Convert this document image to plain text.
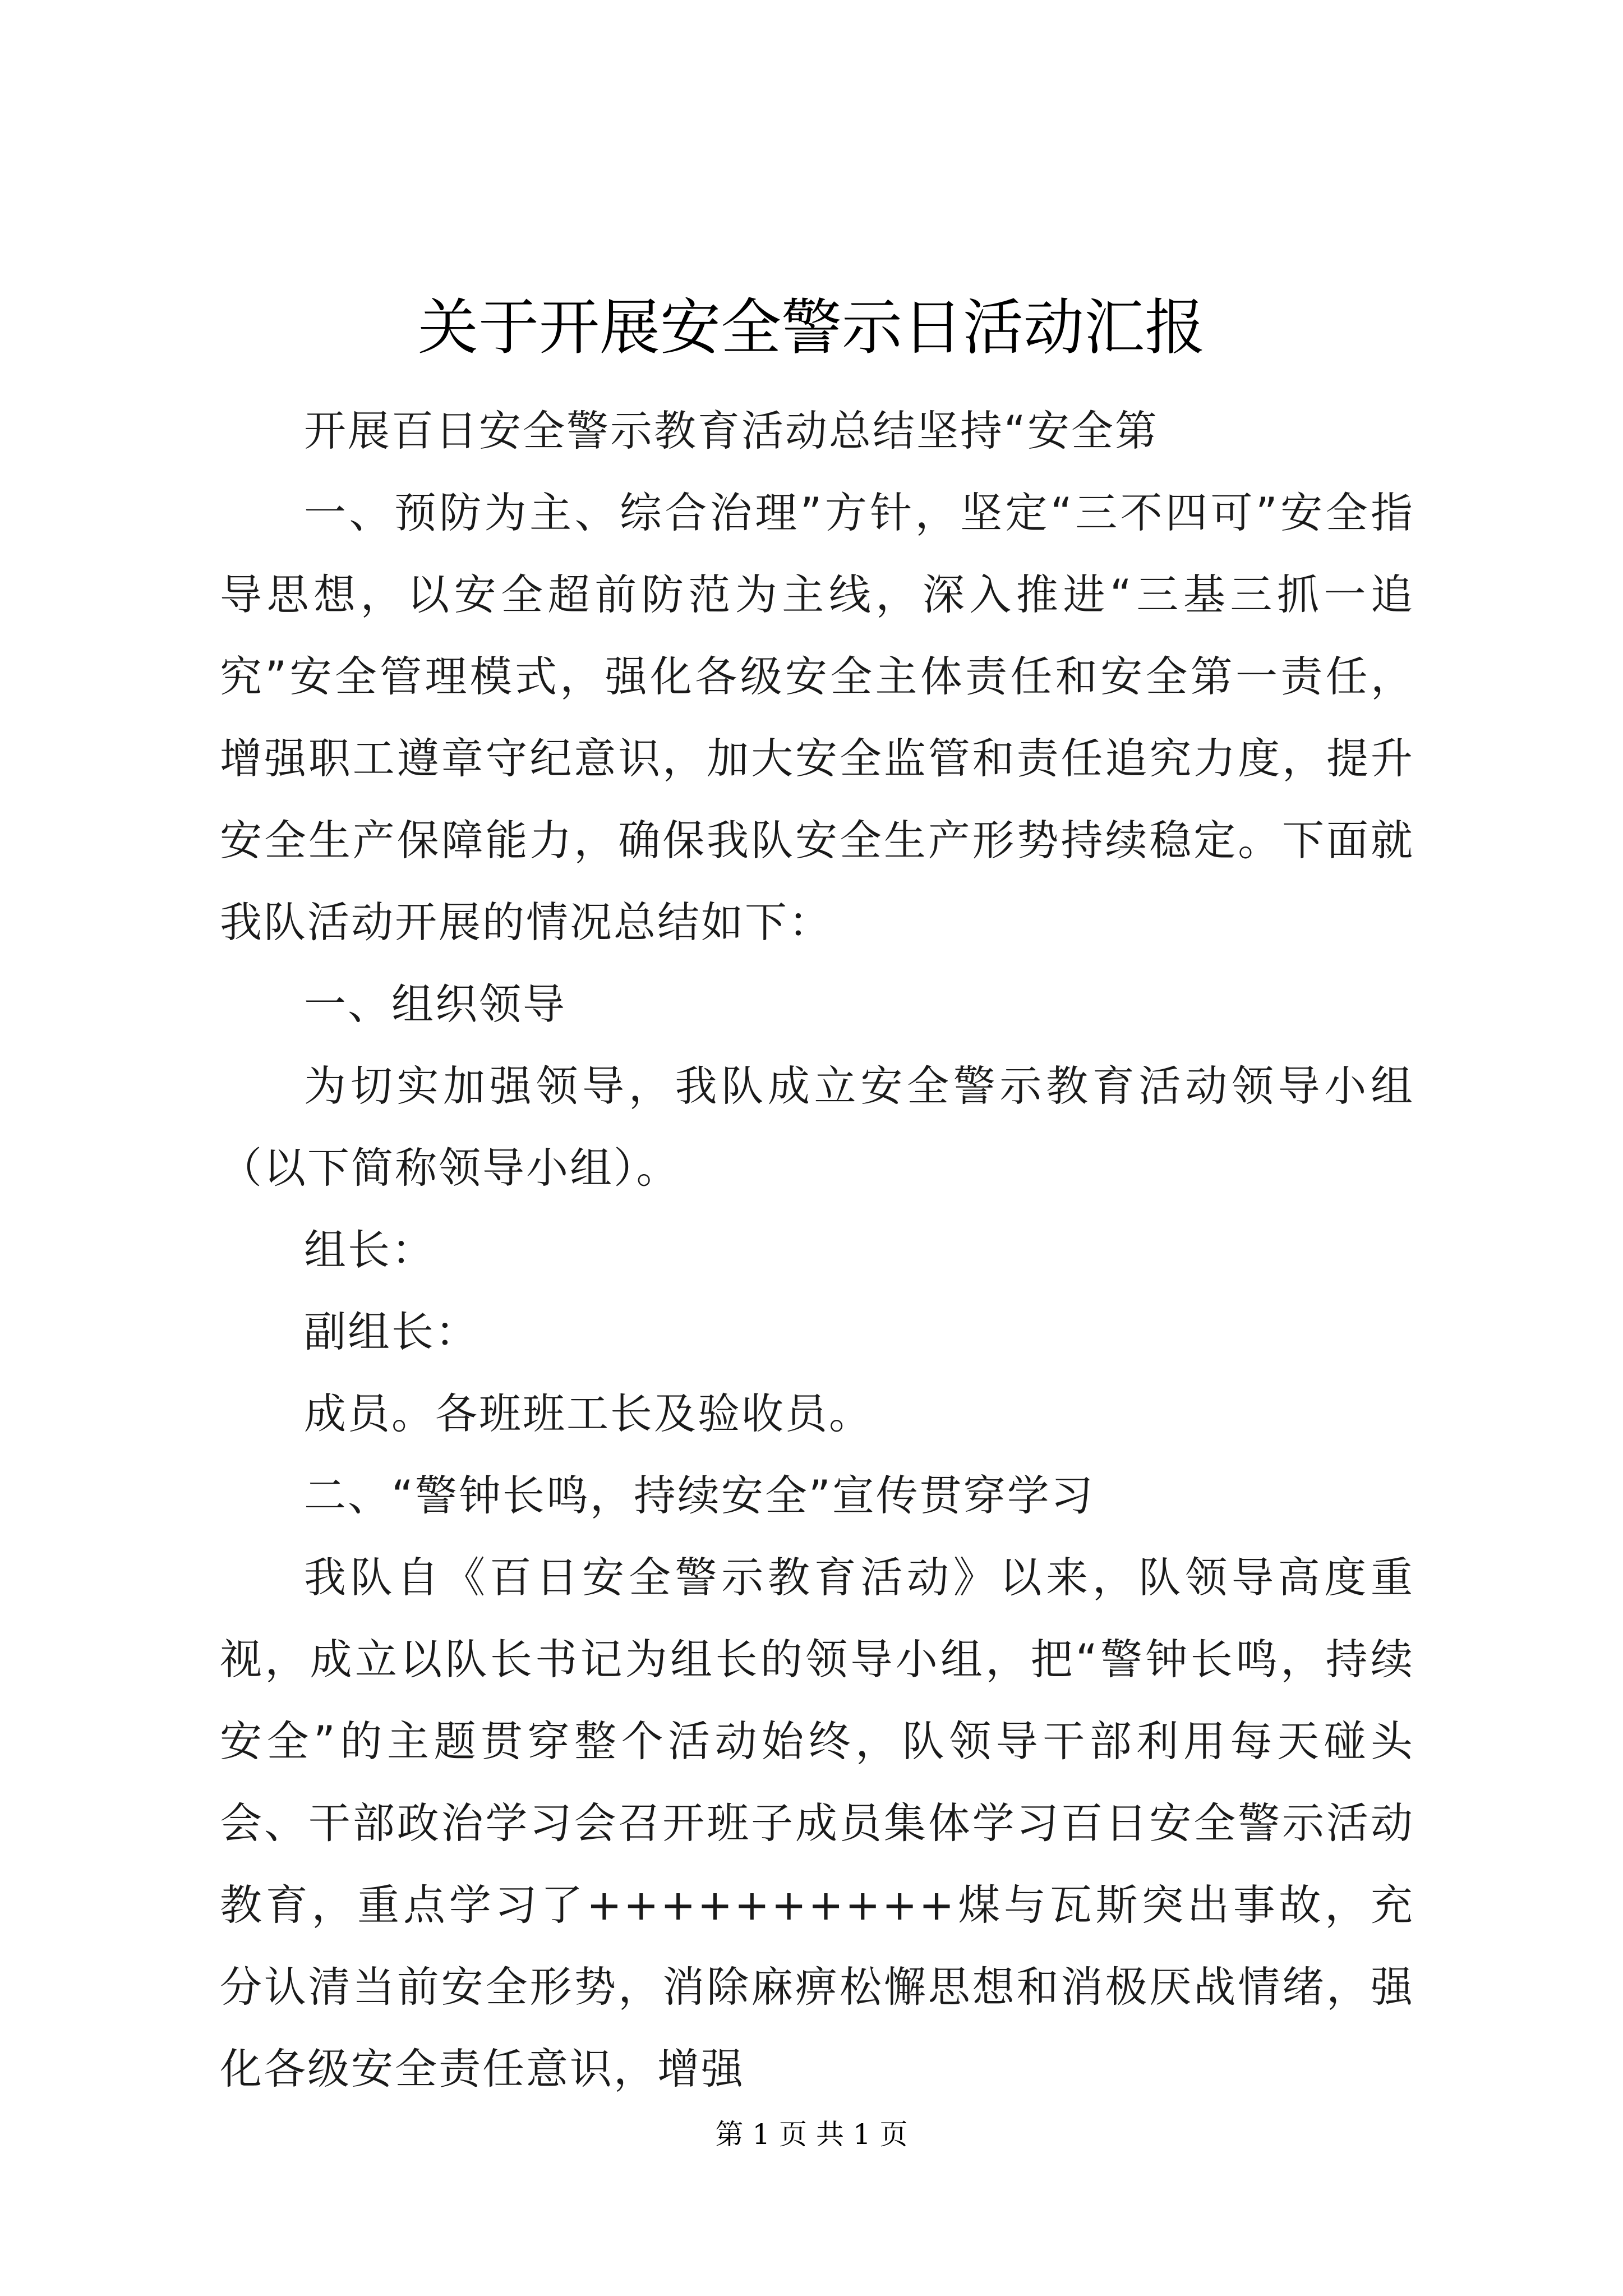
关于开展安全警示日活动汇报

开展百日安全警示教育活动总结坚持“安全第

一、预防为主、综合治理”方针，坚定“三不四可”安全指导思想，以安全超前防范为主线，深入推进“三基三抓一追究”安全管理模式，强化各级安全主体责任和安全第一责任，增强职工遵章守纪意识，加大安全监管和责任追究力度，提升安全生产保障能力，确保我队安全生产形势持续稳定。下面就我队活动开展的情况总结如下：

一、组织领导

为切实加强领导，我队成立安全警示教育活动领导小组（以下简称领导小组）。

组长：

副组长：

成员。各班班工长及验收员。

二、“警钟长鸣，持续安全”宣传贯穿学习

我队自《百日安全警示教育活动》以来，队领导高度重视，成立以队长书记为组长的领导小组，把“警钟长鸣，持续安全”的主题贯穿整个活动始终，队领导干部利用每天碰头会、干部政治学习会召开班子成员集体学习百日安全警示活动教育，重点学习了++++++++++煤与瓦斯突出事故，充分认清当前安全形势，消除麻痹松懈思想和消极厌战情绪，强化各级安全责任意识，增强

第 1 页 共 1 页
